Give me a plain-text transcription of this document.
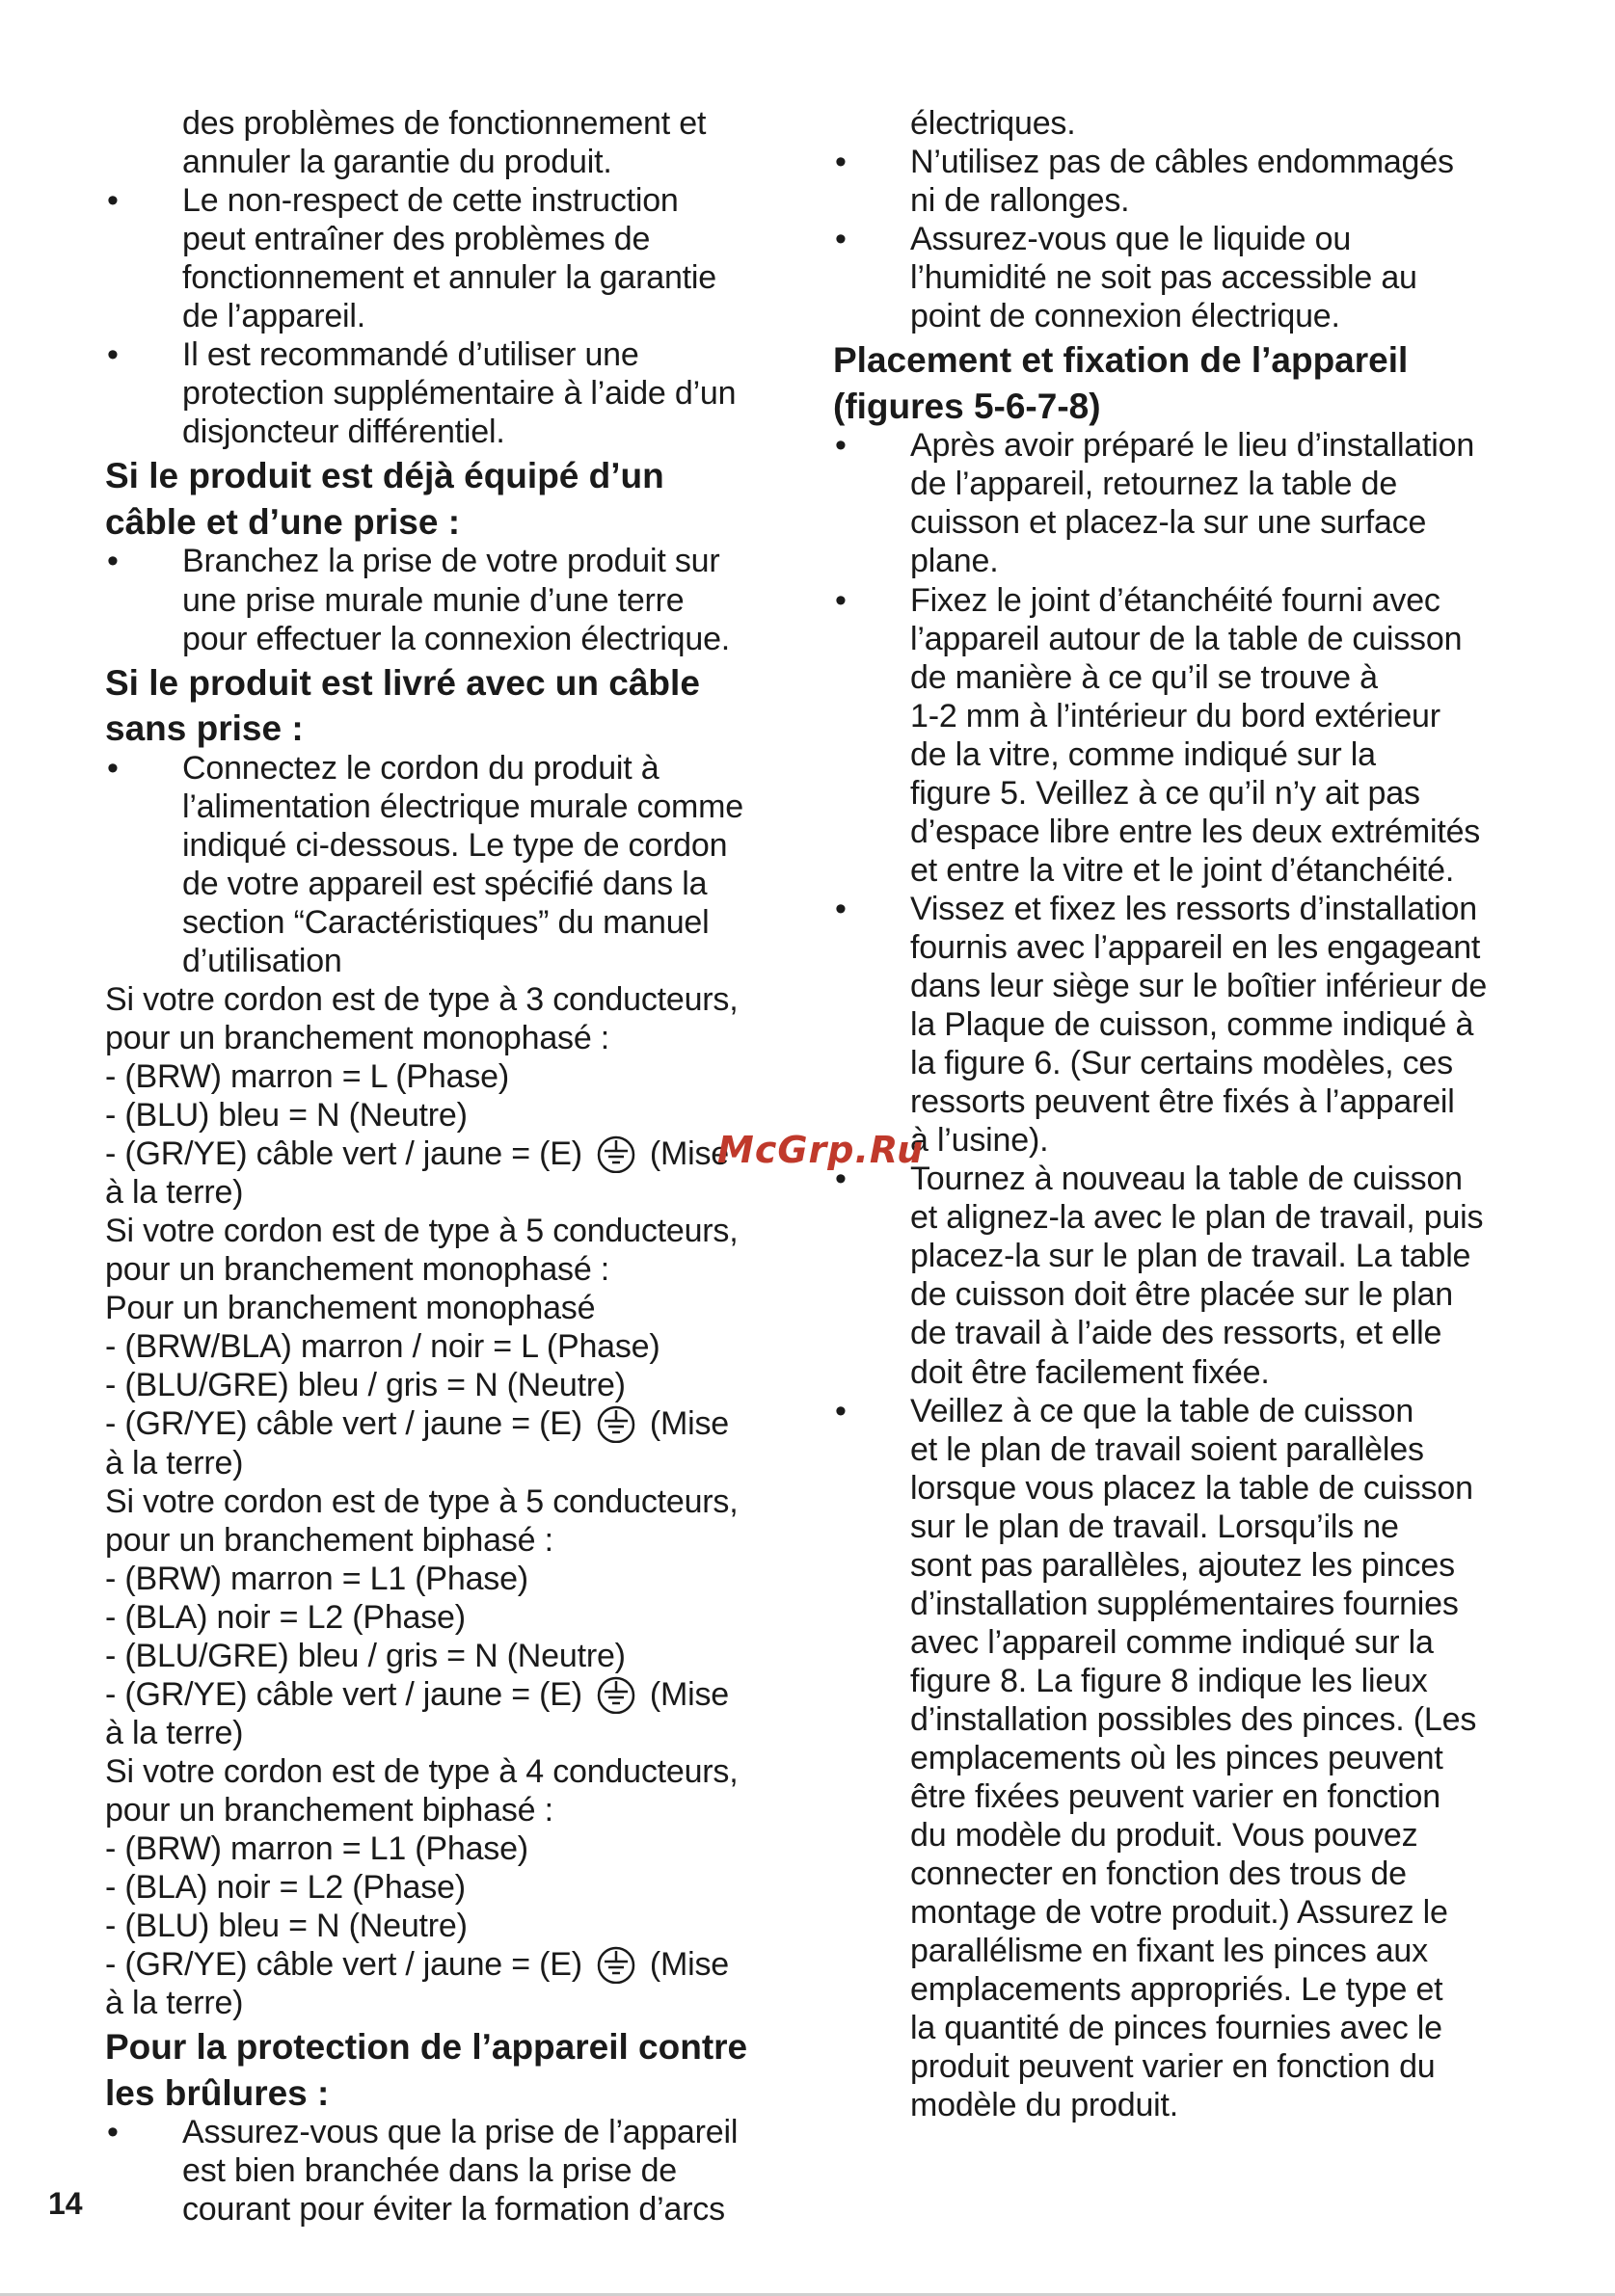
des problèmes de fonctionnement et
annuler la garantie du produit.
• Le non-respect de cette instruction
peut entraîner des problèmes de
fonctionnement et annuler la garantie
de l’appareil.
• Il est recommandé d’utiliser une
protection supplémentaire à l’aide d’un
disjoncteur différentiel.
Si le produit est déjà équipé d’un
câble et d’une prise :
• Branchez la prise de votre produit sur
une prise murale munie d’une terre
pour effectuer la connexion électrique.
Si le produit est livré avec un câble
sans prise :
• Connectez le cordon du produit à
l’alimentation électrique murale comme
indiqué ci-dessous. Le type de cordon
de votre appareil est spécifié dans la
section “Caractéristiques” du manuel
d’utilisation
Si votre cordon est de type à 3 conducteurs,
pour un branchement monophasé :
- (BRW) marron = L (Phase)
- (BLU) bleu = N (Neutre)
- (GR/YE) câble vert / jaune = (E) (Mise
à la terre)
Si votre cordon est de type à 5 conducteurs,
pour un branchement monophasé :
Pour un branchement monophasé
- (BRW/BLA) marron / noir = L (Phase)
- (BLU/GRE) bleu / gris = N (Neutre)
- (GR/YE) câble vert / jaune = (E) (Mise
à la terre)
Si votre cordon est de type à 5 conducteurs,
pour un branchement biphasé :
- (BRW) marron = L1 (Phase)
- (BLA) noir = L2 (Phase)
- (BLU/GRE) bleu / gris = N (Neutre)
- (GR/YE) câble vert / jaune = (E) (Mise
à la terre)
Si votre cordon est de type à 4 conducteurs,
pour un branchement biphasé :
- (BRW) marron = L1 (Phase)
- (BLA) noir = L2 (Phase)
- (BLU) bleu = N (Neutre)
- (GR/YE) câble vert / jaune = (E) (Mise
à la terre)
Pour la protection de l’appareil contre
les brûlures :
• Assurez-vous que la prise de l’appareil
est bien branchée dans la prise de
courant pour éviter la formation d’arcs
électriques.
• N’utilisez pas de câbles endommagés
ni de rallonges.
• Assurez-vous que le liquide ou
l’humidité ne soit pas accessible au
point de connexion électrique.
Placement et fixation de l’appareil
(figures 5-6-7-8)
• Après avoir préparé le lieu d’installation
de l’appareil, retournez la table de
cuisson et placez-la sur une surface
plane.
• Fixez le joint d’étanchéité fourni avec
l’appareil autour de la table de cuisson
de manière à ce qu’il se trouve à
1-2 mm à l’intérieur du bord extérieur
de la vitre, comme indiqué sur la
figure 5. Veillez à ce qu’il n’y ait pas
d’espace libre entre les deux extrémités
et entre la vitre et le joint d’étanchéité.
• Vissez et fixez les ressorts d’installation
fournis avec l’appareil en les engageant
dans leur siège sur le boîtier inférieur de
la Plaque de cuisson, comme indiqué à
la figure 6. (Sur certains modèles, ces
ressorts peuvent être fixés à l’appareil
à l’usine).
• Tournez à nouveau la table de cuisson
et alignez-la avec le plan de travail, puis
placez-la sur le plan de travail. La table
de cuisson doit être placée sur le plan
de travail à l’aide des ressorts, et elle
doit être facilement fixée.
• Veillez à ce que la table de cuisson
et le plan de travail soient parallèles
lorsque vous placez la table de cuisson
sur le plan de travail. Lorsqu’ils ne
sont pas parallèles, ajoutez les pinces
d’installation supplémentaires fournies
avec l’appareil comme indiqué sur la
figure 8. La figure 8 indique les lieux
d’installation possibles des pinces. (Les
emplacements où les pinces peuvent
être fixées peuvent varier en fonction
du modèle du produit. Vous pouvez
connecter en fonction des trous de
montage de votre produit.) Assurez le
parallélisme en fixant les pinces aux
emplacements appropriés. Le type et
la quantité de pinces fournies avec le
produit peuvent varier en fonction du
modèle du produit.
McGrp.Ru
14
